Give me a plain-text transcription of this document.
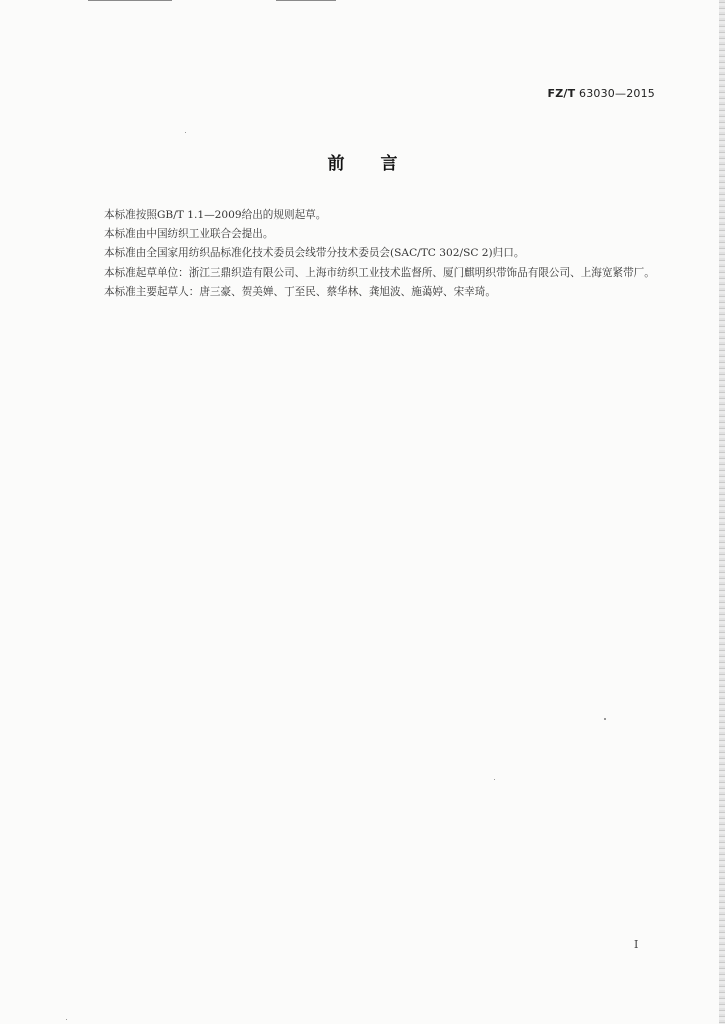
FZ/T 63030—2015
前言

本标准按照GB/T 1.1—2009给出的规则起草。

本标准由中国纺织工业联合会提出。

本标准由全国家用纺织品标准化技术委员会线带分技术委员会(SAC/TC 302/SC 2)归口。

本标准起草单位：浙江三鼎织造有限公司、上海市纺织工业技术监督所、厦门麒明织带饰品有限公司、上海宽紧带厂。

本标准主要起草人：唐三豪、贺美婵、丁至民、蔡华林、龚旭波、施蔼婷、宋幸琦。

I
